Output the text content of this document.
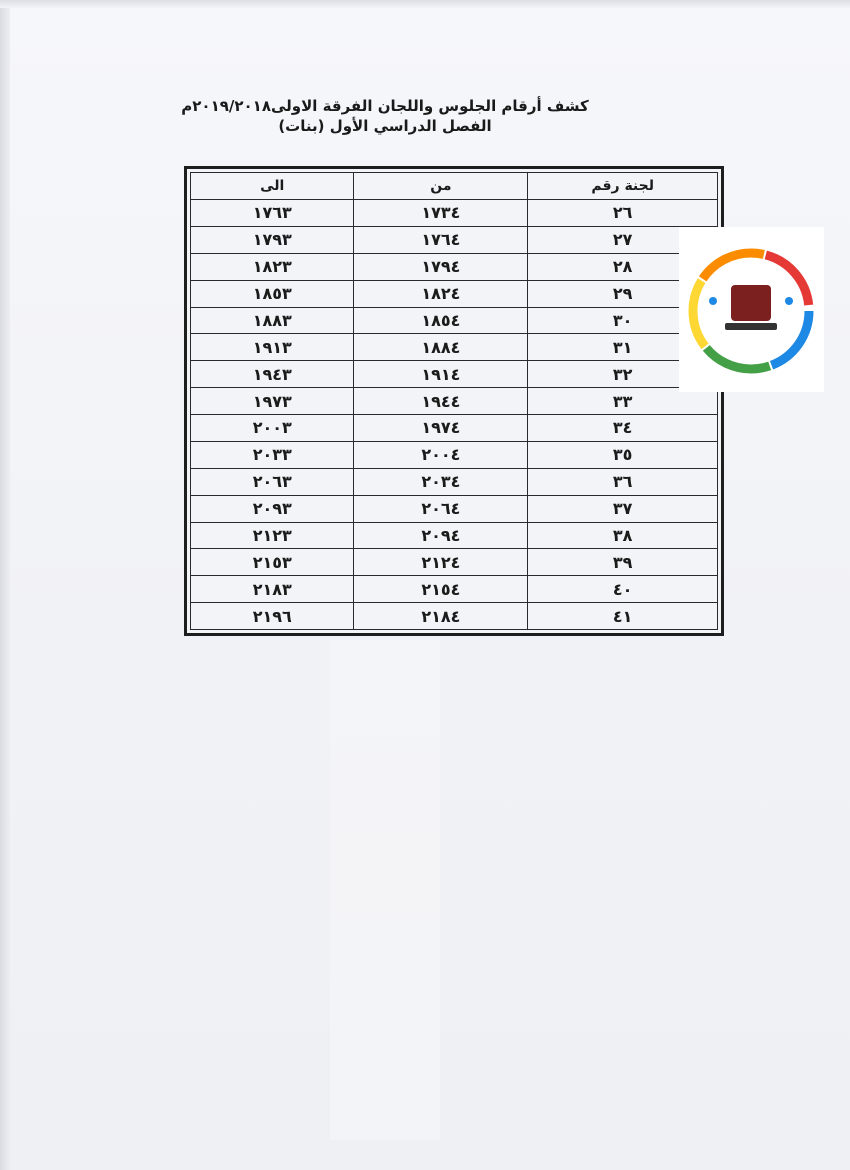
كشف أرقام الجلوس واللجان الفرقة الاولى٢٠١٩/٢٠١٨م
الفصل الدراسي الأول (بنات)
لجنة رقم	من	الى
٢٦	١٧٣٤	١٧٦٣
٢٧	١٧٦٤	١٧٩٣
٢٨	١٧٩٤	١٨٢٣
٢٩	١٨٢٤	١٨٥٣
٣٠	١٨٥٤	١٨٨٣
٣١	١٨٨٤	١٩١٣
٣٢	١٩١٤	١٩٤٣
٣٣	١٩٤٤	١٩٧٣
٣٤	١٩٧٤	٢٠٠٣
٣٥	٢٠٠٤	٢٠٣٣
٣٦	٢٠٣٤	٢٠٦٣
٣٧	٢٠٦٤	٢٠٩٣
٣٨	٢٠٩٤	٢١٢٣
٣٩	٢١٢٤	٢١٥٣
٤٠	٢١٥٤	٢١٨٣
٤١	٢١٨٤	٢١٩٦
